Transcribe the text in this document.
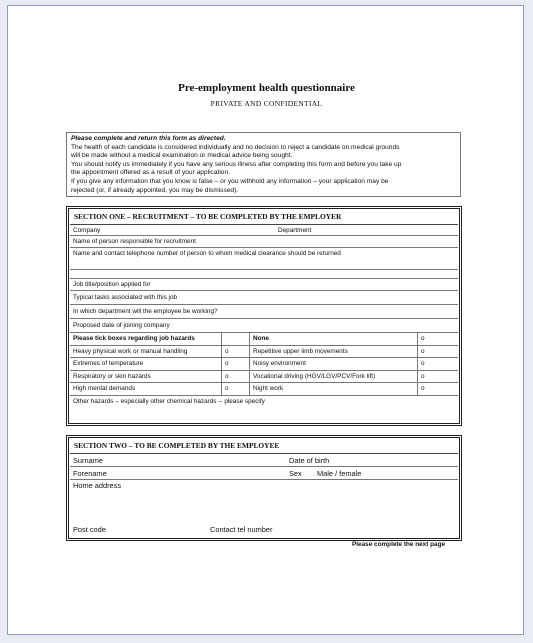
Pre-employment health questionnaire
PRIVATE AND CONFIDENTIAL
Please complete and return this form as directed.
The health of each candidate is considered individually and no decision to reject a candidate on medical grounds
will be made without a medical examination or medical advice being sought.
You should notify us immediately if you have any serious illness after completing this form and before you take up
the appointment offered as a result of your application.
If you give any information that you know is false – or you withhold any information – your application may be
rejected (or, if already appointed, you may be dismissed).
SECTION ONE – RECRUITMENT – TO BE COMPLETED BY THE EMPLOYER
Company	Department
Name of person responsible for recruitment
Name and contact telephone number of person to whom medical clearance should be returned
Job title/position applied for
Typical tasks associated with this job
In which department will the employee be working?
Proposed date of joining company
Please tick boxes regarding job hazards	None	o
Heavy physical work or manual handling	o	Repetitive upper limb movements	o
Extremes of temperature	o	Noisy environment	o
Respiratory or skin hazards	o	Vocational driving (HGV/LGV/PCV/Fork lift)	o
High mental demands	o	Night work	o
Other hazards – especially other chemical hazards -- please specify
SECTION TWO – TO BE COMPLETED BY THE EMPLOYEE
Surname	Date of birth
Forename	Sex Male / female
Home address
Post code	Contact tel number
Please complete the next page
